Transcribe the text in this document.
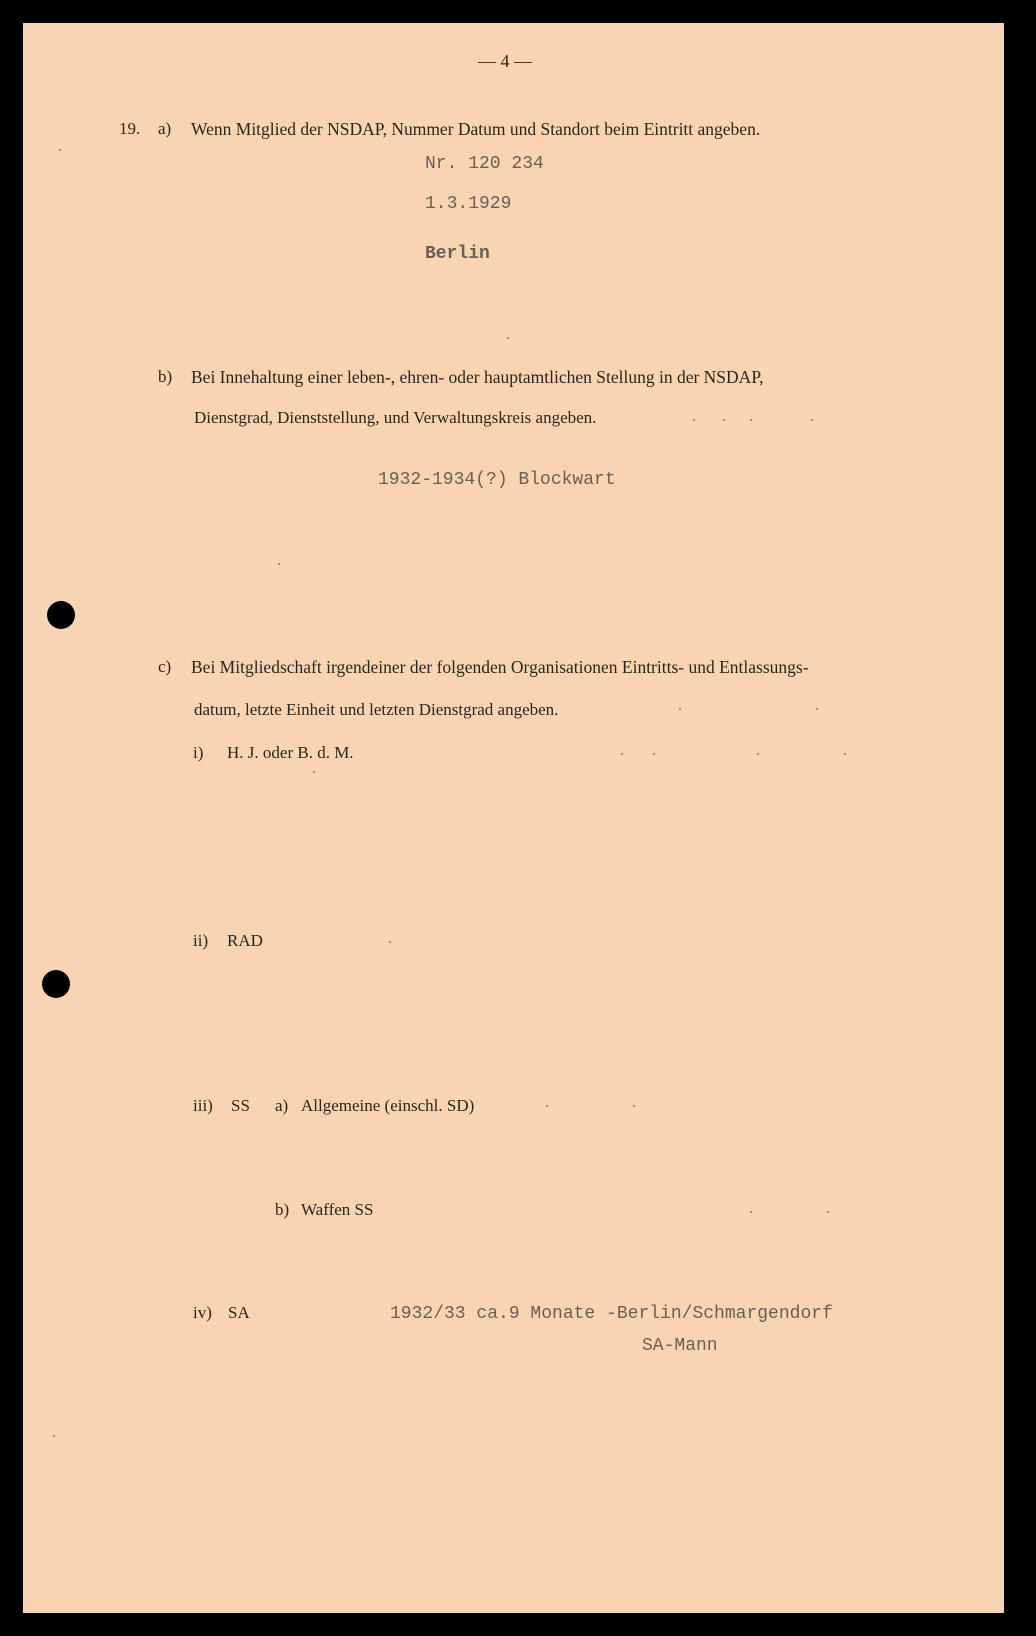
— 4 —
19. a) Wenn Mitglied der NSDAP, Nummer Datum und Standort beim Eintritt angeben.
Nr. 120 234
1.3.1929
Berlin
b) Bei Innehaltung einer leben-, ehren- oder hauptamtlichen Stellung in der NSDAP,
Dienstgrad, Dienststellung, und Verwaltungskreis angeben.
1932-1934(?) Blockwart
c) Bei Mitgliedschaft irgendeiner der folgenden Organisationen Eintritts- und Entlassungs-
datum, letzte Einheit und letzten Dienstgrad angeben.
i) H. J. oder B. d. M.
ii) RAD
iii) SS a) Allgemeine (einschl. SD)
b) Waffen SS
iv) SA	1932/33 ca.9 Monate -Berlin/Schmargendorf
SA-Mann
